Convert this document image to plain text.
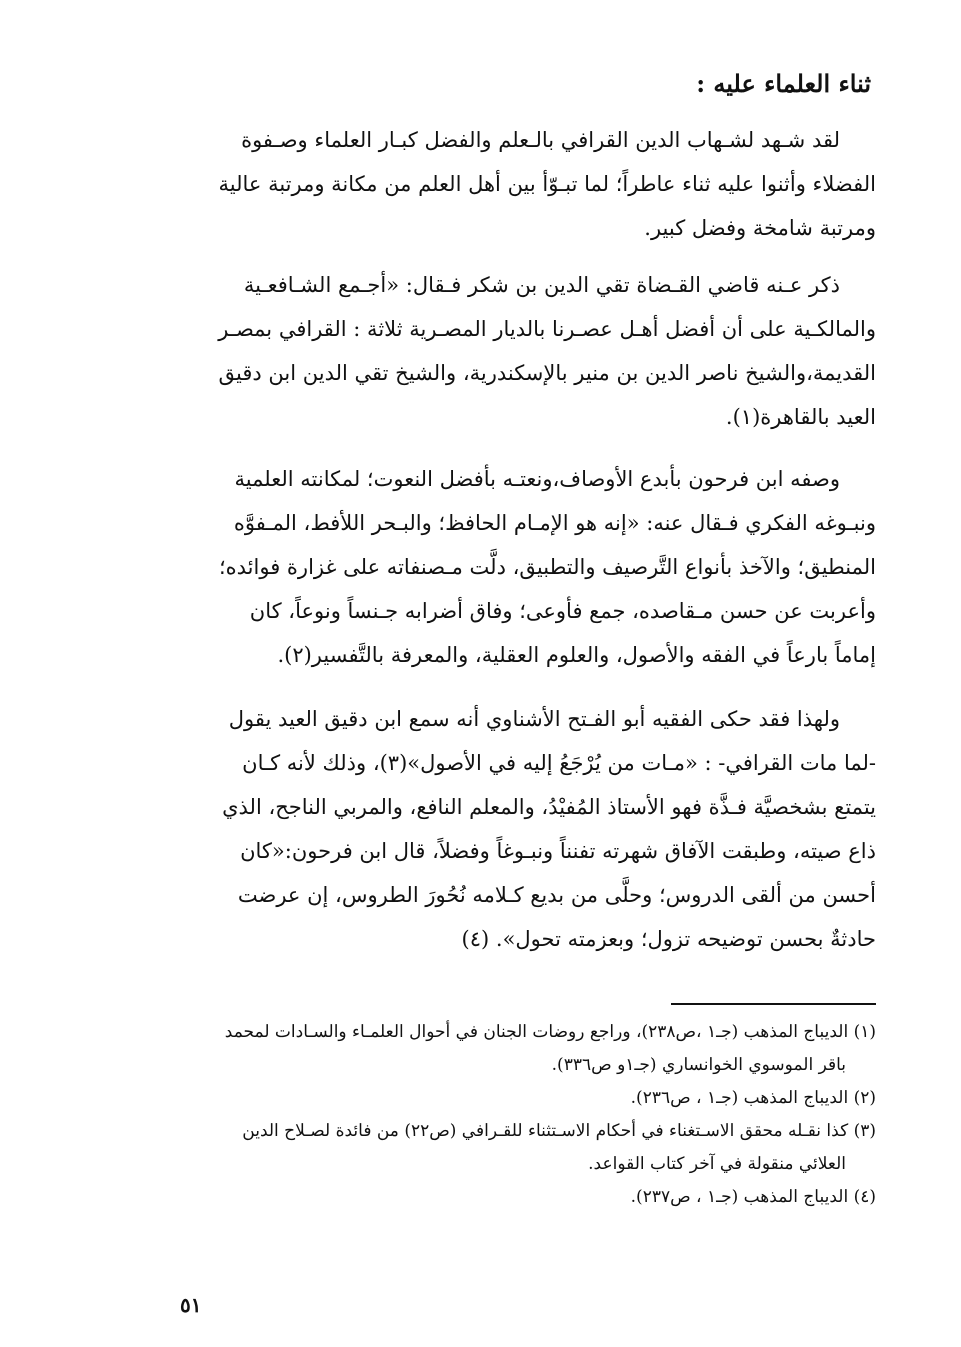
ثناء العلماء عليه :
لقد شـهد لشـهاب الدين القرافي بالـعلم والفضل كبـار العلماء وصـفوة
الفضلاء وأثنوا عليه ثناء عاطراً؛ لما تبـوّأ بين أهل العلم من مكانة ومرتبة عالية
ومرتبة شامخة وفضل كبير.
ذكر عـنه قاضي القـضاة تقي الدين بن شكر فـقال: «أجـمع الشـافعـية
والمالكـية على أن أفضل أهـل عصـرنا بالديار المصـرية ثلاثة : القرافي بمصـر
القديمة،والشيخ ناصر الدين بن منير بالإسكندرية، والشيخ تقي الدين ابن دقيق
العيد بالقاهرة(١).
وصفه ابن فرحون بأبدع الأوصاف،ونعتـه بأفضل النعوت؛ لمكانته العلمية
ونبـوغه الفكري فـقال عنه: «إنه هو الإمـام الحافظ؛ والبـحر اللأفط، المـفوَّه
المنطيق؛ والآخذ بأنواع التَّرصيف والتطبيق، دلَّت مـصنفاته على غزارة فوائده؛
وأعربت عن حسن مـقاصده، جمع فأوعى؛ وفاق أضرابه جـنساً ونوعاً، كان
إماماً بارعاً في الفقه والأصول، والعلوم العقلية، والمعرفة بالتَّفسير(٢).
ولهذا فقد حكى الفقيه أبو الفـتح الأشناوي أنه سمع ابن دقيق العيد يقول
-لما مات القرافي- : «مـات من يُرْجَعُ إليه في الأصول»(٣)، وذلك لأنه كـان
يتمتع بشخصيَّة فـذَّة فهو الأستاذ المُفيْدُ، والمعلم النافع، والمربي الناجح، الذي
ذاع صيته، وطبقت الآفاق شهرته تفنناً ونبـوغاً وفضلاً، قال ابن فرحون:«كان
أحسن من ألقى الدروس؛ وحلَّى من بديع كـلامه نُحُورَ الطروس، إن عرضت
حادثةٌ بحسن توضيحه تزول؛ وبعزمته تحول». (٤)
(١) الديباج المذهب (جـ١ ،ص٢٣٨)، وراجع روضات الجنان في أحوال العلمـاء والسـادات لمحمد
باقر الموسوي الخوانساري (جـ١و ص٣٣٦).
(٢) الديباج المذهب (جـ١ ، ص٢٣٦).
(٣) كذا نقـله محقق الاسـتغناء في أحكام الاسـتثناء للقـرافي (ص٢٢) من فائدة لصـلاح الدين
العلائي منقولة في آخر كتاب القواعد.
(٤) الديباج المذهب (جـ١ ، ص٢٣٧).
٥١
